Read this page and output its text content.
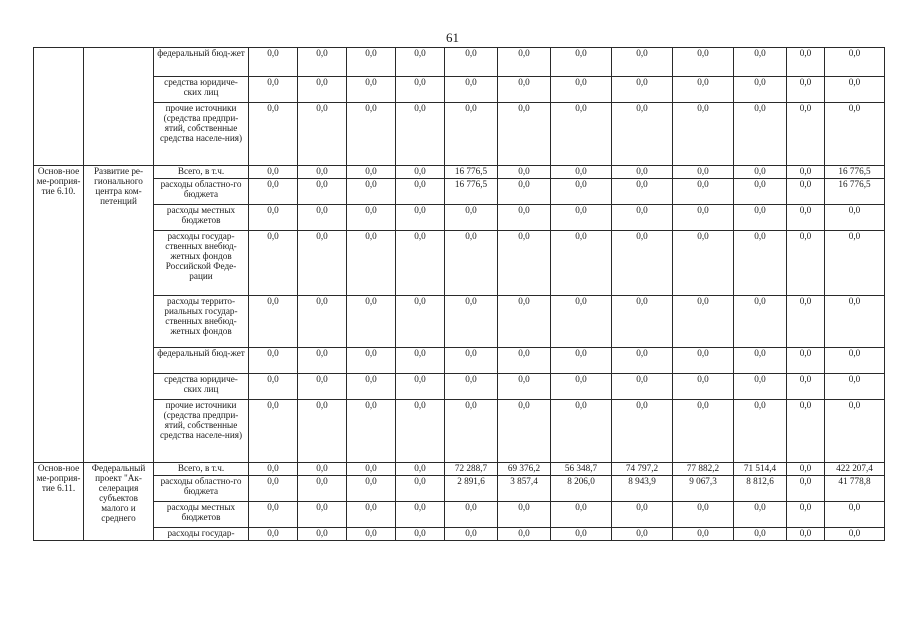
61
		федеральный бюд-жет	0,0	0,0	0,0	0,0	0,0	0,0	0,0	0,0	0,0	0,0	0,0	0,0
		средства юридиче-ских лиц	0,0	0,0	0,0	0,0	0,0	0,0	0,0	0,0	0,0	0,0	0,0	0,0
		прочие источники (средства предпри-ятий, собственные средства населе-ния)	0,0	0,0	0,0	0,0	0,0	0,0	0,0	0,0	0,0	0,0	0,0	0,0
Основ-ное ме-роприя-тие 6.10.	Развитие ре-гионального центра ком-петенций	Всего, в т.ч.	0,0	0,0	0,0	0,0	16 776,5	0,0	0,0	0,0	0,0	0,0	0,0	16 776,5
		расходы областно-го бюджета	0,0	0,0	0,0	0,0	16 776,5	0,0	0,0	0,0	0,0	0,0	0,0	16 776,5
		расходы местных бюджетов	0,0	0,0	0,0	0,0	0,0	0,0	0,0	0,0	0,0	0,0	0,0	0,0
		расходы государ-ственных внебюд-жетных фондов Российской Феде-рации	0,0	0,0	0,0	0,0	0,0	0,0	0,0	0,0	0,0	0,0	0,0	0,0
		расходы террито-риальных государ-ственных внебюд-жетных фондов	0,0	0,0	0,0	0,0	0,0	0,0	0,0	0,0	0,0	0,0	0,0	0,0
		федеральный бюд-жет	0,0	0,0	0,0	0,0	0,0	0,0	0,0	0,0	0,0	0,0	0,0	0,0
		средства юридиче-ских лиц	0,0	0,0	0,0	0,0	0,0	0,0	0,0	0,0	0,0	0,0	0,0	0,0
		прочие источники (средства предпри-ятий, собственные средства населе-ния)	0,0	0,0	0,0	0,0	0,0	0,0	0,0	0,0	0,0	0,0	0,0	0,0
Основ-ное ме-роприя-тие 6.11.	Федеральный проект "Ак-селерация субъектов малого и среднего	Всего, в т.ч.	0,0	0,0	0,0	0,0	72 288,7	69 376,2	56 348,7	74 797,2	77 882,2	71 514,4	0,0	422 207,4
		расходы областно-го бюджета	0,0	0,0	0,0	0,0	2 891,6	3 857,4	8 206,0	8 943,9	9 067,3	8 812,6	0,0	41 778,8
		расходы местных бюджетов	0,0	0,0	0,0	0,0	0,0	0,0	0,0	0,0	0,0	0,0	0,0	0,0
		расходы государ-	0,0	0,0	0,0	0,0	0,0	0,0	0,0	0,0	0,0	0,0	0,0	0,0
